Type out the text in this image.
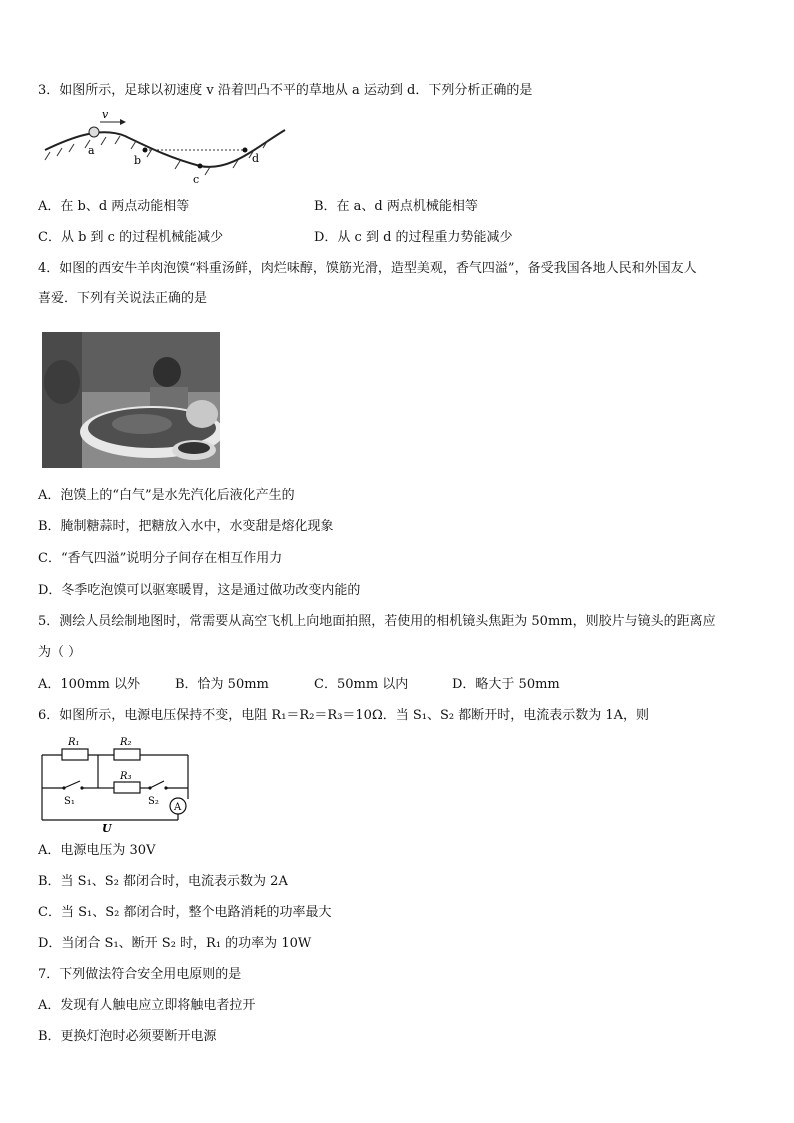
3．如图所示，足球以初速度 v 沿着凹凸不平的草地从 a 运动到 d．下列分析正确的是
v
a
b
c
d
A．在 b、d 两点动能相等	B．在 a、d 两点机械能相等
C．从 b 到 c 的过程机械能减少	D．从 c 到 d 的过程重力势能减少
4．如图的西安牛羊肉泡馍“料重汤鲜，肉烂味醇，馍筋光滑，造型美观，香气四溢”，备受我国各地人民和外国友人
喜爱．下列有关说法正确的是
A．泡馍上的“白气”是水先汽化后液化产生的
B．腌制糖蒜时，把糖放入水中，水变甜是熔化现象
C．“香气四溢”说明分子间存在相互作用力
D．冬季吃泡馍可以驱寒暖胃，这是通过做功改变内能的
5．测绘人员绘制地图时，常需要从高空飞机上向地面拍照，若使用的相机镜头焦距为 50mm，则胶片与镜头的距离应
为（ ）
A．100mm 以外	B．恰为 50mm	C．50mm 以内	D．略大于 50mm
6．如图所示，电源电压保持不变，电阻 R₁＝R₂＝R₃＝10Ω．当 S₁、S₂ 都断开时，电流表示数为 1A，则
R₁	R₂
R₃
S₁	S₂
A
U
A．电源电压为 30V
B．当 S₁、S₂ 都闭合时，电流表示数为 2A
C．当 S₁、S₂ 都闭合时，整个电路消耗的功率最大
D．当闭合 S₁、断开 S₂ 时，R₁ 的功率为 10W
7．下列做法符合安全用电原则的是
A．发现有人触电应立即将触电者拉开
B．更换灯泡时必须要断开电源
